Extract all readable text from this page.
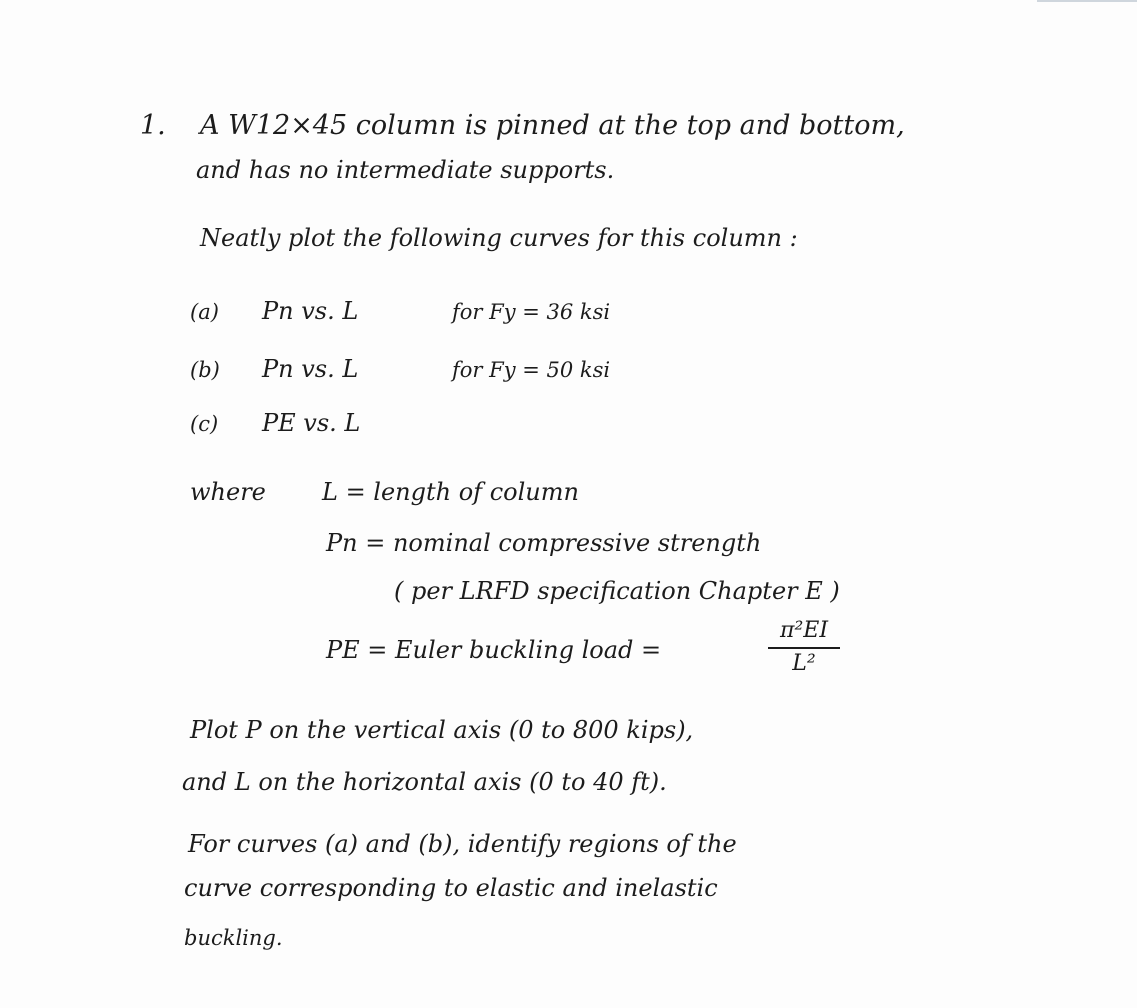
1. A W12×45 column is pinned at the top and bottom,
and has no intermediate supports.
Neatly plot the following curves for this column :
(a) Pn vs. L	for Fy = 36 ksi
(b) Pn vs. L	for Fy = 50 ksi
(c) PE vs. L
where L = length of column
Pn = nominal compressive strength
( per LRFD specification Chapter E )
PE = Euler buckling load =
π²EI
L²
Plot P on the vertical axis (0 to 800 kips),
and L on the horizontal axis (0 to 40 ft).
For curves (a) and (b), identify regions of the
curve corresponding to elastic and inelastic
buckling.
